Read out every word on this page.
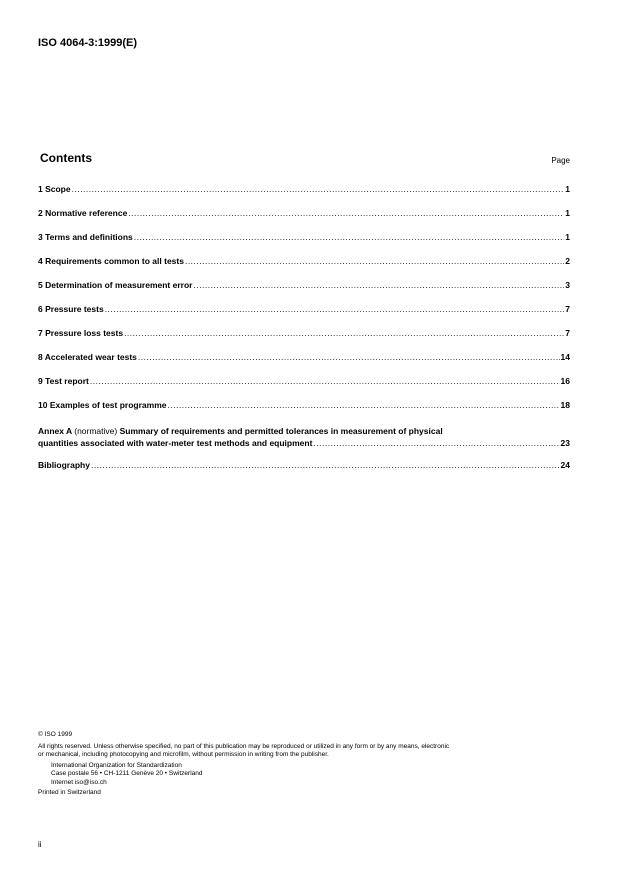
ISO 4064-3:1999(E)
Contents	Page
1 Scope .....	1
2 Normative reference .....	1
3 Terms and definitions .....	1
4 Requirements common to all tests .....	2
5 Determination of measurement error .....	3
6 Pressure tests .....	7
7 Pressure loss tests .....	7
8 Accelerated wear tests .....	14
9 Test report .....	16
10 Examples of test programme .....	18
Annex A (normative) Summary of requirements and permitted tolerances in measurement of physical
quantities associated with water-meter test methods and equipment .....	23
Bibliography .....	24
© ISO 1999
All rights reserved. Unless otherwise specified, no part of this publication may be reproduced or utilized in any form or by any means, electronic
or mechanical, including photocopying and microfilm, without permission in writing from the publisher.
International Organization for Standardization
Case postale 56 • CH-1211 Genève 20 • Switzerland
Internet iso@iso.ch
Printed in Switzerland
ii
